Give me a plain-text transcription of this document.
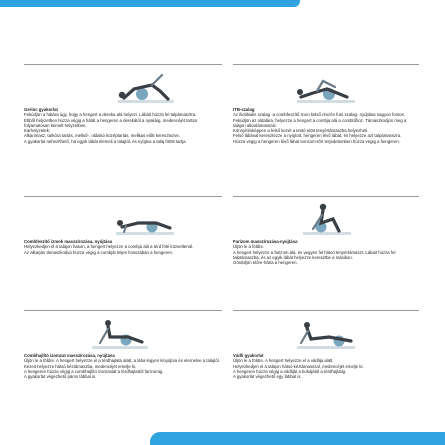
Gerinc gyakorlat
Fekúdjön a hátára úgy, hogy a hengert a dereka alá helyezi. Lábait húzza fel talpámasztra.
Ebből helyzetben húzza végig a hátát a hengeren a derekától a nyakáig, medencéjét tartsa folyamatosan kemelt helyzetben.
Karhelyzetek:
Alkarimasz, tarkóra tartás, mellső-, oldalsó középtartás, mellkas előtt keresztezve.
A gyakorlat nehezíthető, ha egyik lábát elemeli a talajtól, és nyújtva a talaj fölött tartja.
ITB-szalag
Az iliotibialis szalag -a combfeszítő izom külső részén futó szalag- nyújtása nagyon fontos.
Fekúdjön az oldalára, helyezze a hengert a combja alá a combtőhoz. Támaszkodjon meg a talajon alkartámasszal.
Könnyítésképpen a felső kezét a testé elött tenyértámaszba helyezheti.
Felső lábával keresztezze a nyújtott, hengeren lévő lábát, és helyezze azt talpámasszra.
Húzza végig a hengeren lévő lábat tomzom-tőrt terjedelemben húzza végig a hengeren.
Combfeszítő izmok masszírozása, nyújtása
Helyezkedjen el a talajon hason, a hengert helyezze a combja alá a térd fölé közvetlenül.
Az alkarján támaszkodva húzza végig a combját teljes hosszában a hengeren.
Farizom masszírozása-nyújtása
Üljön le a földre.
A hengert helyezze a farizom alá, és vegyen fel hátsó tenyértámaszt. Lábait húzza fel talptámaszba, és az egyik lábát helyezze keresztbe a másikon.
Gördüljön előre-hátra a hengeren.
Combhajlító izomzat masszírozása, nyújtása
Üljön le a földre. A hengert helyezze el a térdhajlata alatt, a lába legyen kinyújtva és elernelve a talajtól.
Kezeit helyezze hátsó kéztámaszba, medencéjét emelje ki.
A hengeren húzza végig a combhajlító izomzatát a térdhajlattól farizomig.
A gyakorlat végezhető páros lábbal is.
Vádli gyakorlat
Üljön le a földre. A hengert helyezze el a vádlija alatt.
Helyezkedjen el a talajon hátsó kéztámasszal, medencéjét emelje ki.
A hengeren húzza végig a vádliját a bokájától a térdhajlatig.
A gyakorlat végezhető egy lábbal is.
